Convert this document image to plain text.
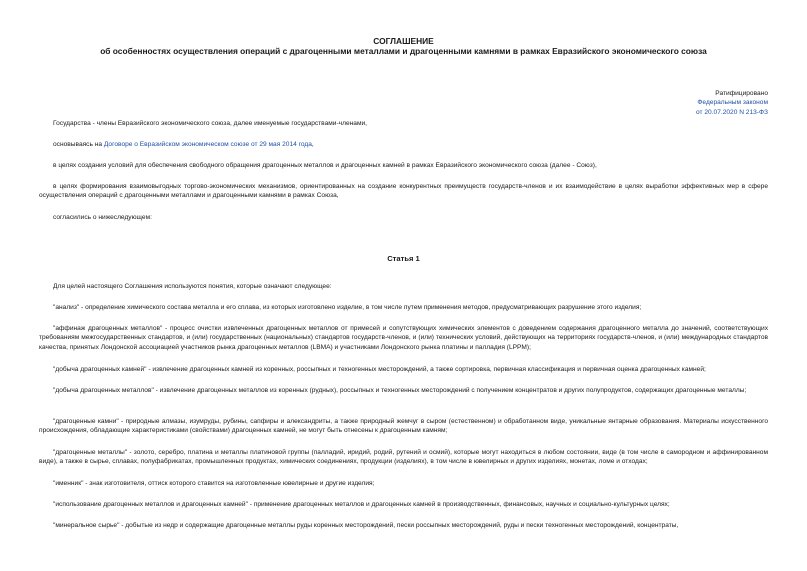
СОГЛАШЕНИЕ
об особенностях осуществления операций с драгоценными металлами и драгоценными камнями в рамках Евразийского экономического союза
Ратифицировано
Федеральным законом
от 20.07.2020 N 213-ФЗ
Государства - члены Евразийского экономического союза, далее именуемые государствами-членами,
основываясь на Договоре о Евразийском экономическом союзе от 29 мая 2014 года,
в целях создания условий для обеспечения свободного обращения драгоценных металлов и драгоценных камней в рамках Евразийского экономического союза (далее - Союз),
в целях формирования взаимовыгодных торгово-экономических механизмов, ориентированных на создание конкурентных преимуществ государств-членов и их взаимодействие в целях выработки эффективных мер в сфере осуществления операций с драгоценными металлами и драгоценными камнями в рамках Союза,
согласились о нижеследующем:
Статья 1
Для целей настоящего Соглашения используются понятия, которые означают следующее:
"анализ" - определение химического состава металла и его сплава, из которых изготовлено изделие, в том числе путем применения методов, предусматривающих разрушение этого изделия;
"аффинаж драгоценных металлов" - процесс очистки извлеченных драгоценных металлов от примесей и сопутствующих химических элементов с доведением содержания драгоценного металла до значений, соответствующих требованиям межгосударственных стандартов, и (или) государственных (национальных) стандартов государств-членов, и (или) технических условий, действующих на территориях государств-членов, и (или) международных стандартов качества, принятых Лондонской ассоциацией участников рынка драгоценных металлов (LBMA) и участниками Лондонского рынка платины и палладия (LPPM);
"добыча драгоценных камней" - извлечение драгоценных камней из коренных, россыпных и техногенных месторождений, а также сортировка, первичная классификация и первичная оценка драгоценных камней;
"добыча драгоценных металлов" - извлечение драгоценных металлов из коренных (рудных), россыпных и техногенных месторождений с получением концентратов и других полупродуктов, содержащих драгоценные металлы;
"драгоценные камни" - природные алмазы, изумруды, рубины, сапфиры и александриты, а также природный жемчуг в сыром (естественном) и обработанном виде, уникальные янтарные образования. Материалы искусственного происхождения, обладающие характеристиками (свойствами) драгоценных камней, не могут быть отнесены к драгоценным камням;
"драгоценные металлы" - золото, серебро, платина и металлы платиновой группы (палладий, иридий, родий, рутений и осмий), которые могут находиться в любом состоянии, виде (в том числе в самородном и аффинированном виде), а также в сырье, сплавах, полуфабрикатах, промышленных продуктах, химических соединениях, продукции (изделиях), в том числе в ювелирных и других изделиях, монетах, ломе и отходах;
"именник" - знак изготовителя, оттиск которого ставится на изготовленные ювелирные и другие изделия;
"использование драгоценных металлов и драгоценных камней" - применение драгоценных металлов и драгоценных камней в производственных, финансовых, научных и социально-культурных целях;
"минеральное сырье" - добытые из недр и содержащие драгоценные металлы руды коренных месторождений, пески россыпных месторождений, руды и пески техногенных месторождений, концентраты,
